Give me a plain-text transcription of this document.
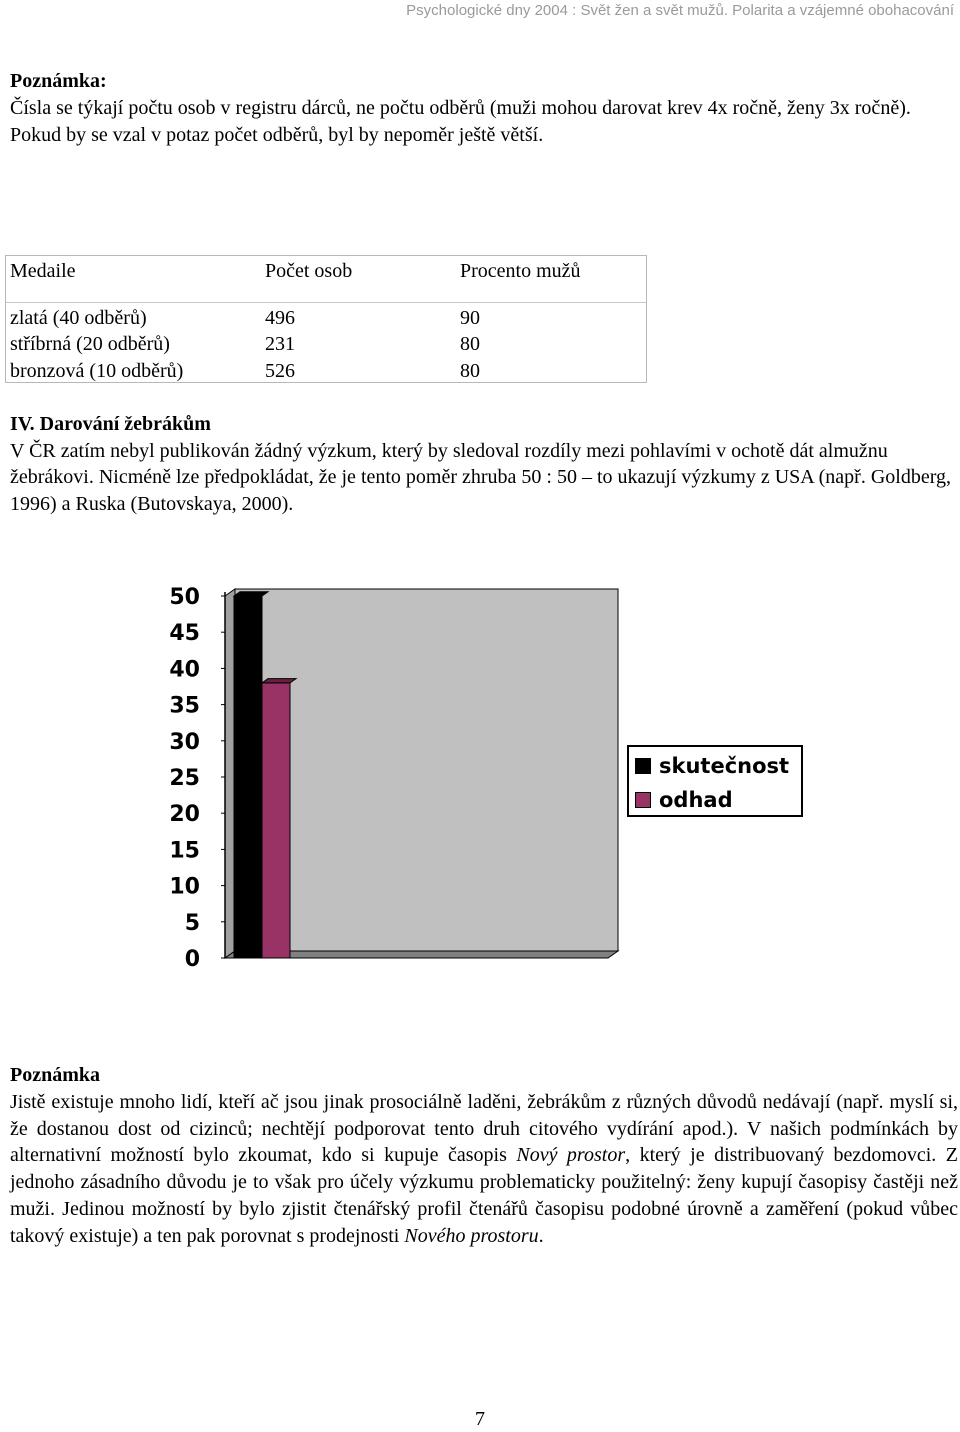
Psychologické dny 2004 : Svět žen a svět mužů. Polarita a vzájemné obohacování
Poznámka:
Čísla se týkají počtu osob v registru dárců, ne počtu odběrů (muži mohou darovat krev 4x ročně, ženy 3x ročně). Pokud by se vzal v potaz počet odběrů, byl by nepoměr ještě větší.
Medaile	Počet osob	Procento mužů
zlatá (40 odběrů)	496	90
stříbrná (20 odběrů)	231	80
bronzová (10 odběrů)	526	80
IV. Darování žebrákům
V ČR zatím nebyl publikován žádný výzkum, který by sledoval rozdíly mezi pohlavími v ochotě dát almužnu žebrákovi. Nicméně lze předpokládat, že je tento poměr zhruba 50 : 50 – to ukazují výzkumy z USA (např. Goldberg, 1996) a Ruska (Butovskaya, 2000).
0
5
10
15
20
25
30
35
40
45
50
skutečnost
odhad
Poznámka
Jistě existuje mnoho lidí, kteří ač jsou jinak prosociálně laděni, žebrákům z různých důvodů nedávají (např. myslí si, že dostanou dost od cizinců; nechtějí podporovat tento druh citového vydírání apod.). V našich podmínkách by alternativní možností bylo zkoumat, kdo si kupuje časopis Nový prostor, který je distribuovaný bezdomovci. Z jednoho zásadního důvodu je to však pro účely výzkumu problematicky použitelný: ženy kupují časopisy častěji než muži. Jedinou možností by bylo zjistit čtenářský profil čtenářů časopisu podobné úrovně a zaměření (pokud vůbec takový existuje) a ten pak porovnat s prodejnosti Nového prostoru.
7
